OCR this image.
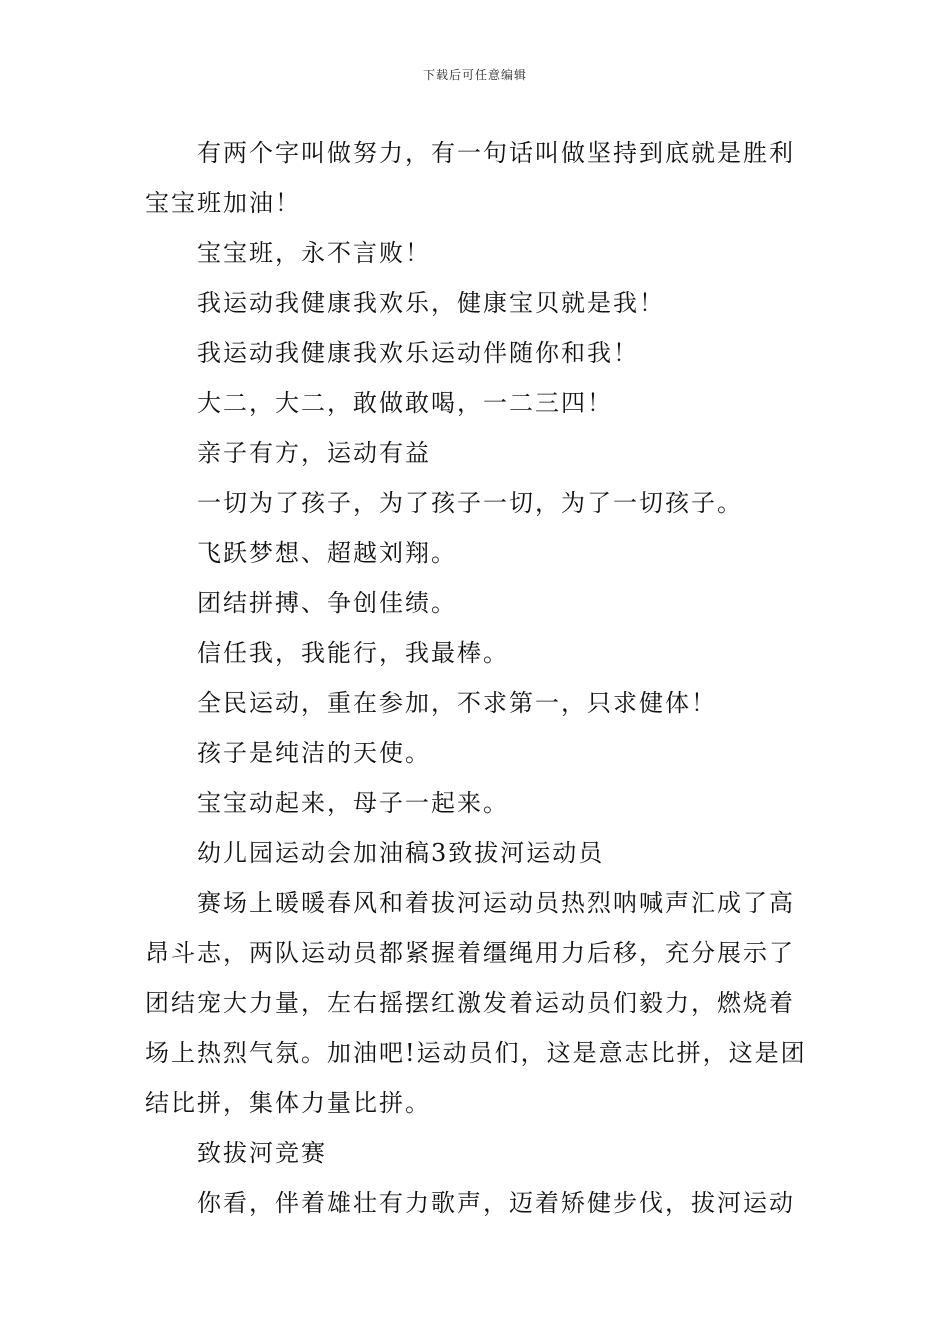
下载后可任意编辑

有两个字叫做努力，有一句话叫做坚持到底就是胜利宝宝班加油！

宝宝班，永不言败！

我运动我健康我欢乐，健康宝贝就是我！

我运动我健康我欢乐运动伴随你和我！

大二，大二，敢做敢喝，一二三四！

亲子有方，运动有益

一切为了孩子，为了孩子一切，为了一切孩子。

飞跃梦想、超越刘翔。

团结拼搏、争创佳绩。

信任我，我能行，我最棒。

全民运动，重在参加，不求第一，只求健体！

孩子是纯洁的天使。

宝宝动起来，母子一起来。

幼儿园运动会加油稿3致拔河运动员

赛场上暖暖春风和着拔河运动员热烈呐喊声汇成了高昂斗志，两队运动员都紧握着缰绳用力后移，充分展示了团结宠大力量，左右摇摆红激发着运动员们毅力，燃烧着场上热烈气氛。加油吧!运动员们，这是意志比拼，这是团结比拼，集体力量比拼。

致拔河竞赛

你看，伴着雄壮有力歌声，迈着矫健步伐，拔河运动
